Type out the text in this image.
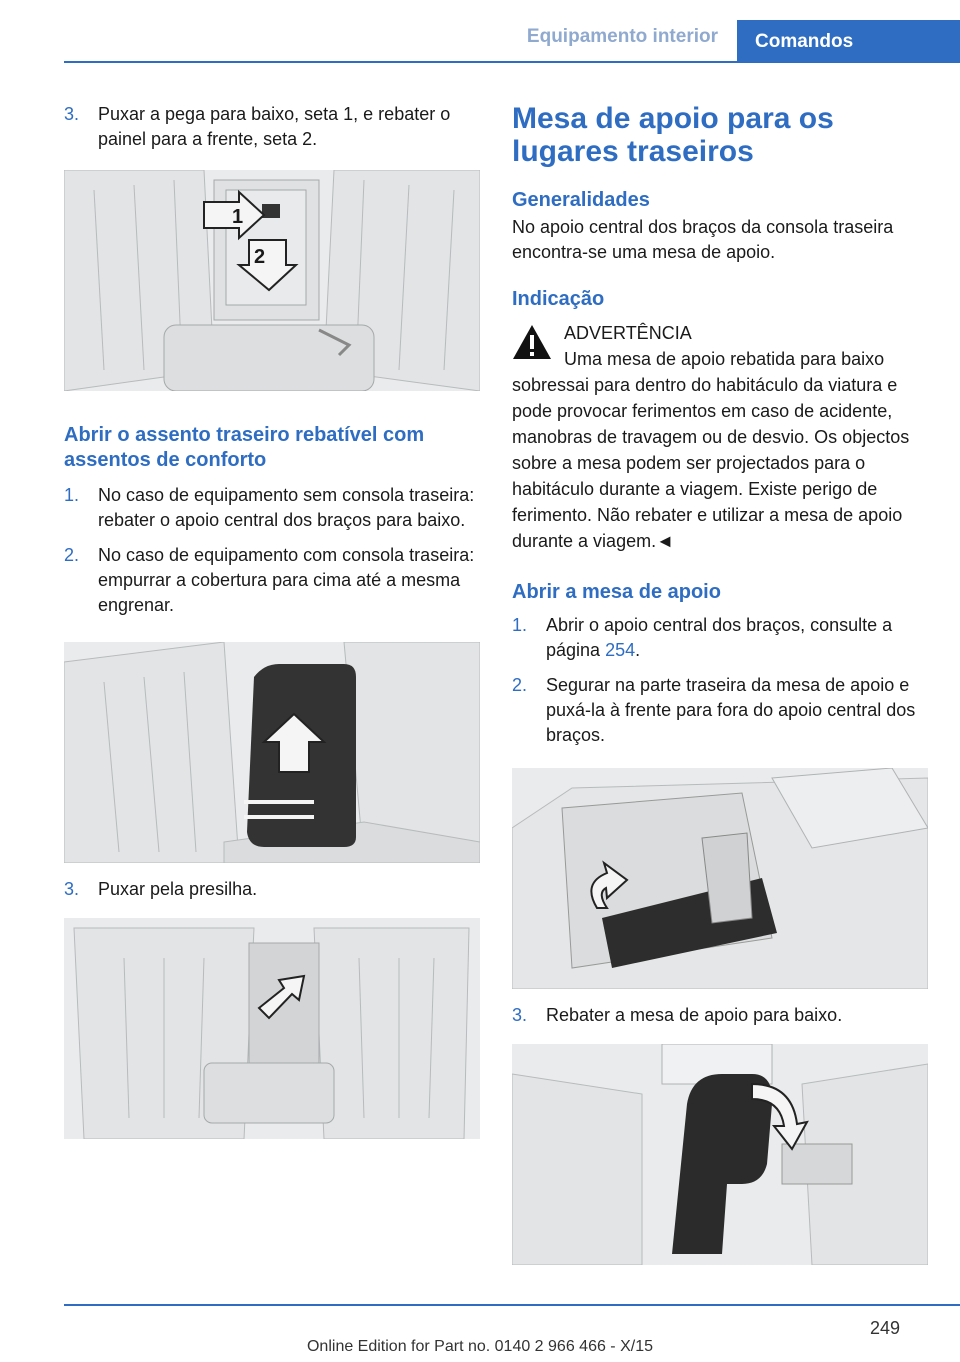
Equipamento interior	Comandos
3. Puxar a pega para baixo, seta 1, e rebater o painel para a frente, seta 2.
1
2
Abrir o assento traseiro rebatível com assentos de conforto
1. No caso de equipamento sem consola traseira: rebater o apoio central dos braços para baixo.
2. No caso de equipamento com consola traseira: empurrar a cobertura para cima até a mesma engrenar.
3. Puxar pela presilha.
Mesa de apoio para os lugares traseiros
Generalidades

No apoio central dos braços da consola traseira encontra-se uma mesa de apoio.

Indicação
ADVERTÊNCIA
Uma mesa de apoio rebatida para baixo
sobressai para dentro do habitáculo da viatura e pode provocar ferimentos em caso de acidente, manobras de travagem ou de desvio. Os objectos sobre a mesa podem ser projectados para o habitáculo durante a viagem. Existe perigo de ferimento. Não rebater e utilizar a mesa de apoio durante a viagem.◄
Abrir a mesa de apoio
1. Abrir o apoio central dos braços, consulte a página 254.
2. Segurar na parte traseira da mesa de apoio e puxá-la à frente para fora do apoio central dos braços.
3. Rebater a mesa de apoio para baixo.
249
Online Edition for Part no. 0140 2 966 466 - X/15
